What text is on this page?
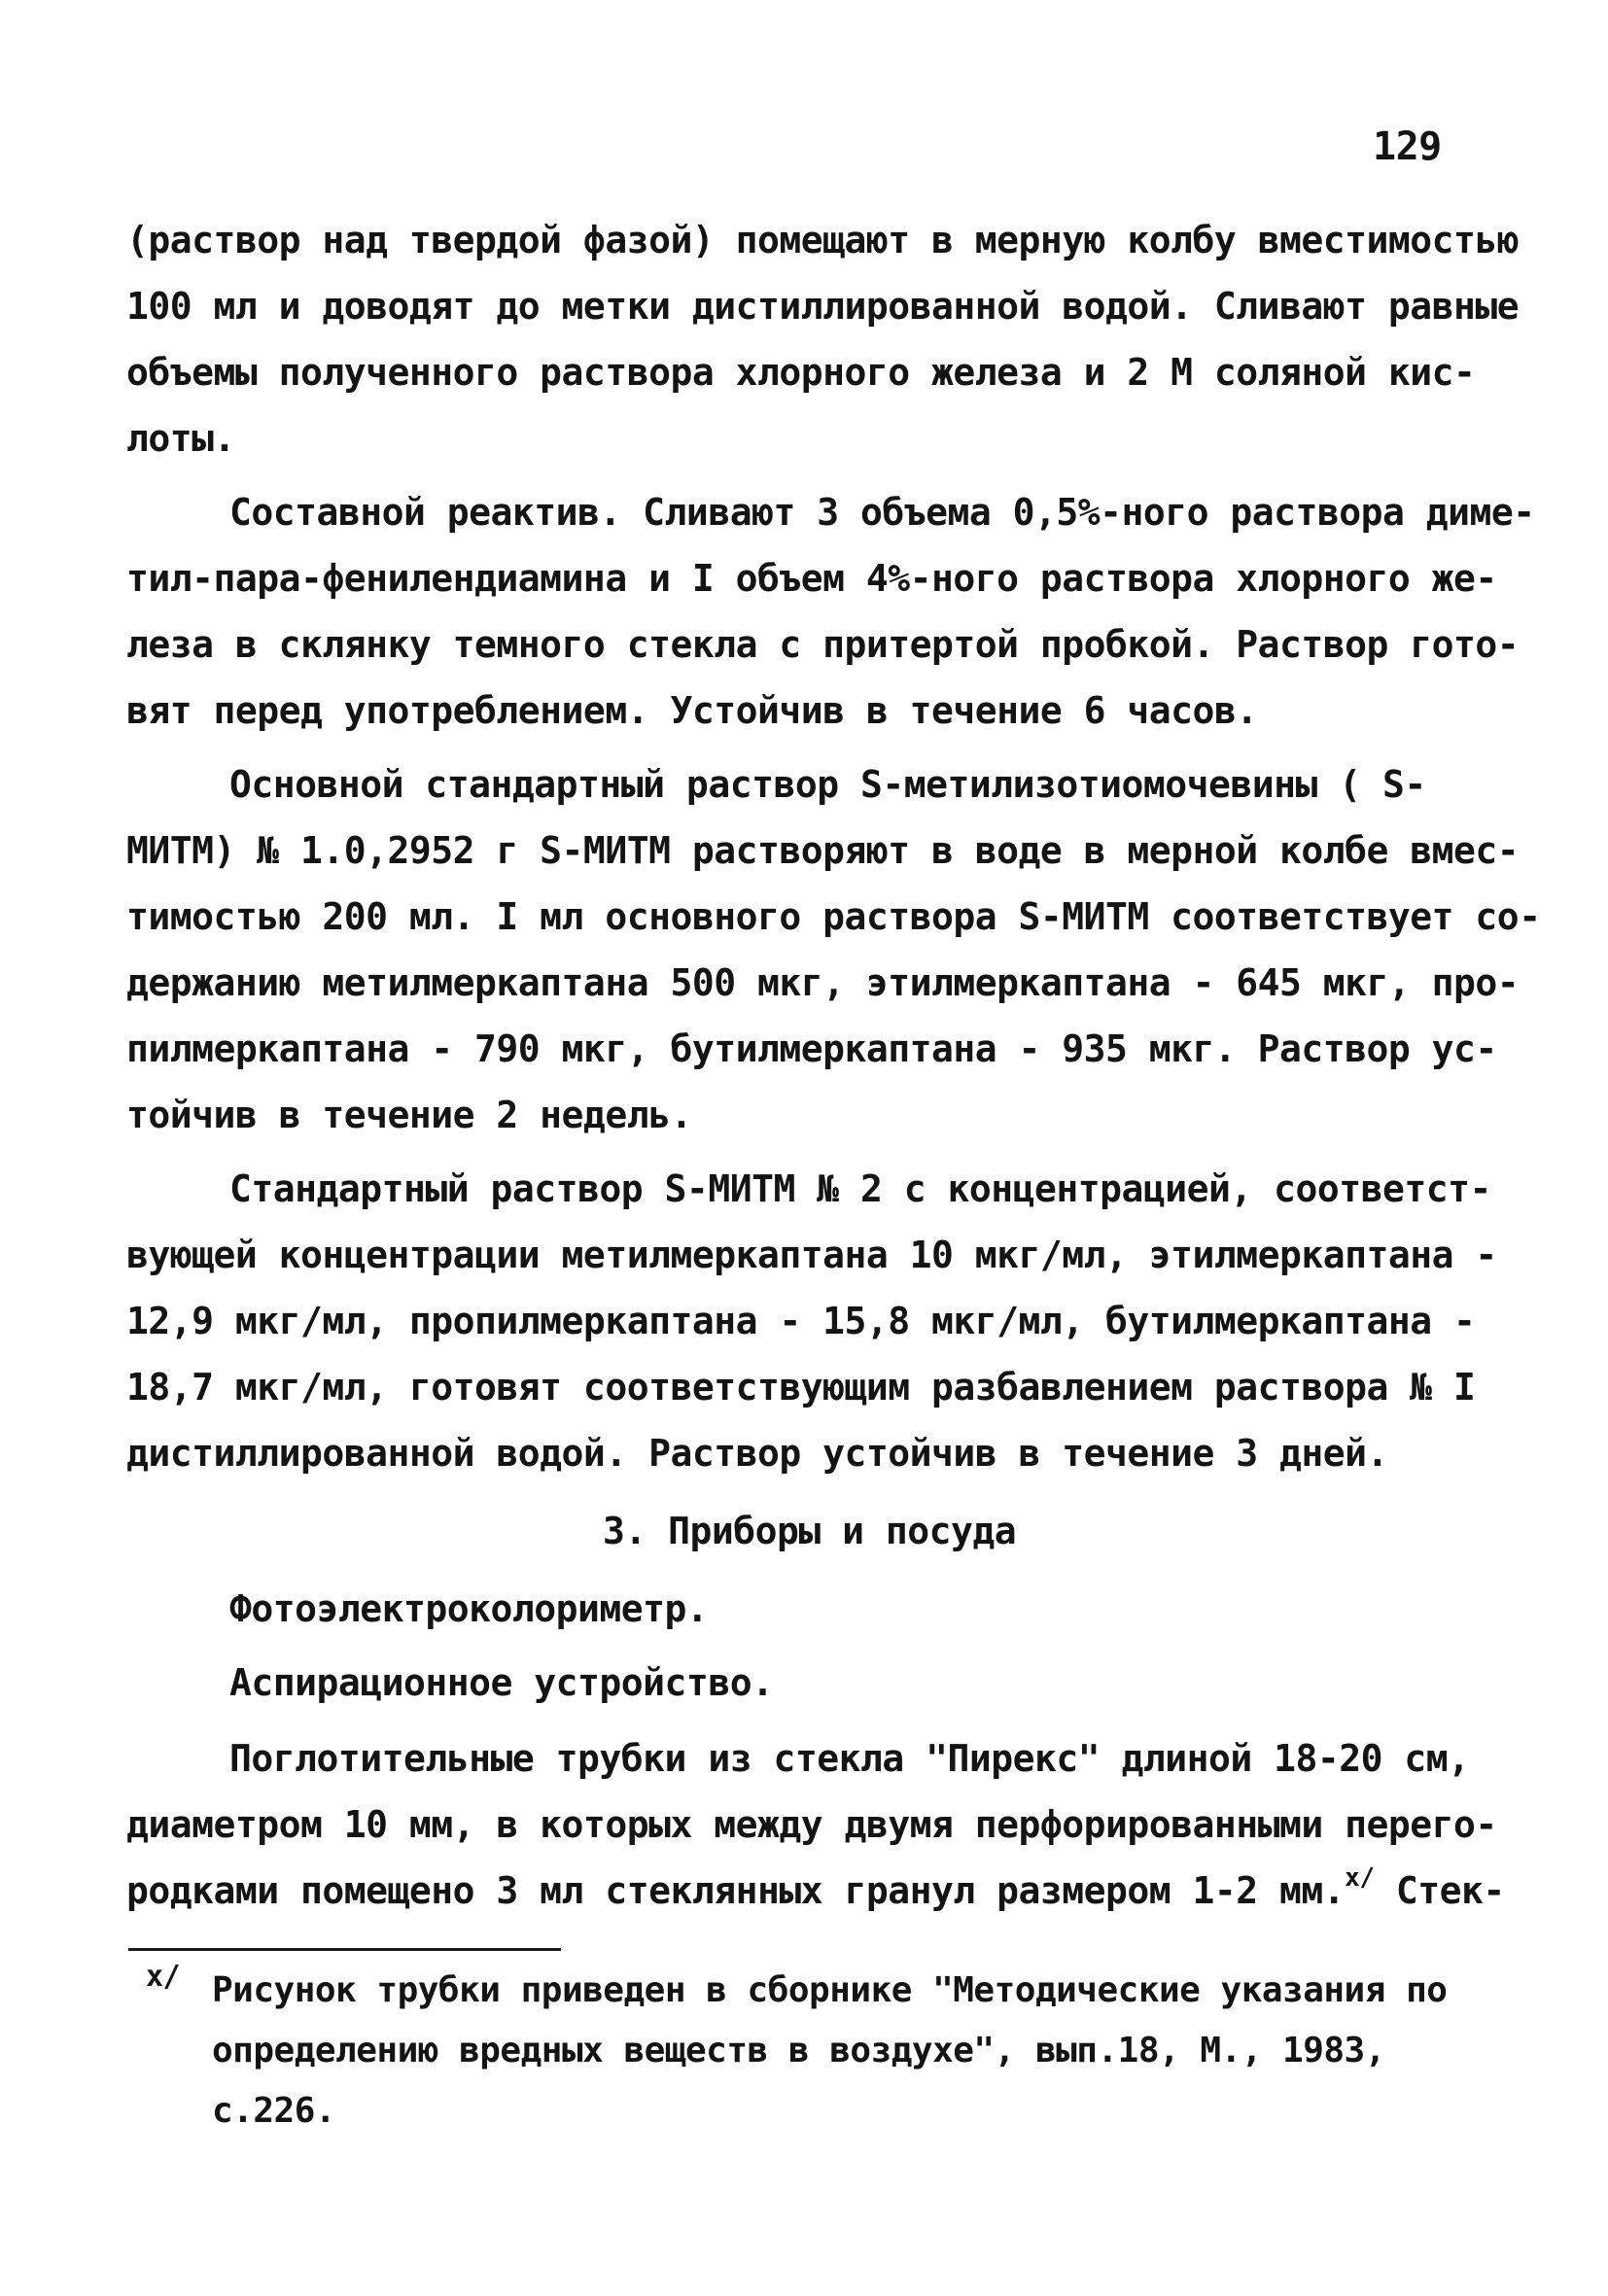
129
(раствор над твердой фазой) помещают в мерную колбу вместимостью
100 мл и доводят до метки дистиллированной водой. Сливают равные
объемы полученного раствора хлорного железа и 2 М соляной кис-
лоты.
Составной реактив. Сливают 3 объема 0,5%-ного раствора диме-
тил-пара-фенилендиамина и I объем 4%-ного раствора хлорного же-
леза в склянку темного стекла с притертой пробкой. Раствор гото-
вят перед употреблением. Устойчив в течение 6 часов.
Основной стандартный раствор S-метилизотиомочевины ( S-
МИТМ) № 1.0,2952 г S-МИТМ растворяют в воде в мерной колбе вмес-
тимостью 200 мл. I мл основного раствора S-МИТМ соответствует со-
держанию метилмеркаптана 500 мкг, этилмеркаптана - 645 мкг, про-
пилмеркаптана - 790 мкг, бутилмеркаптана - 935 мкг. Раствор ус-
тойчив в течение 2 недель.
Стандартный раствор S-МИТМ № 2 с концентрацией, соответст-
вующей концентрации метилмеркаптана 10 мкг/мл, этилмеркаптана -
12,9 мкг/мл, пропилмеркаптана - 15,8 мкг/мл, бутилмеркаптана -
18,7 мкг/мл, готовят соответствующим разбавлением раствора № I
дистиллированной водой. Раствор устойчив в течение 3 дней.
3. Приборы и посуда
Фотоэлектроколориметр.
Аспирационное устройство.
Поглотительные трубки из стекла "Пирекс" длиной 18-20 см,
диаметром 10 мм, в которых между двумя перфорированными перего-
родками помещено 3 мл стеклянных гранул размером 1-2 мм.$^{x/}$ Стек-
x/ Рисунок трубки приведен в сборнике "Методические указания по
определению вредных веществ в воздухе", вып.18, М., 1983,
с.226.
